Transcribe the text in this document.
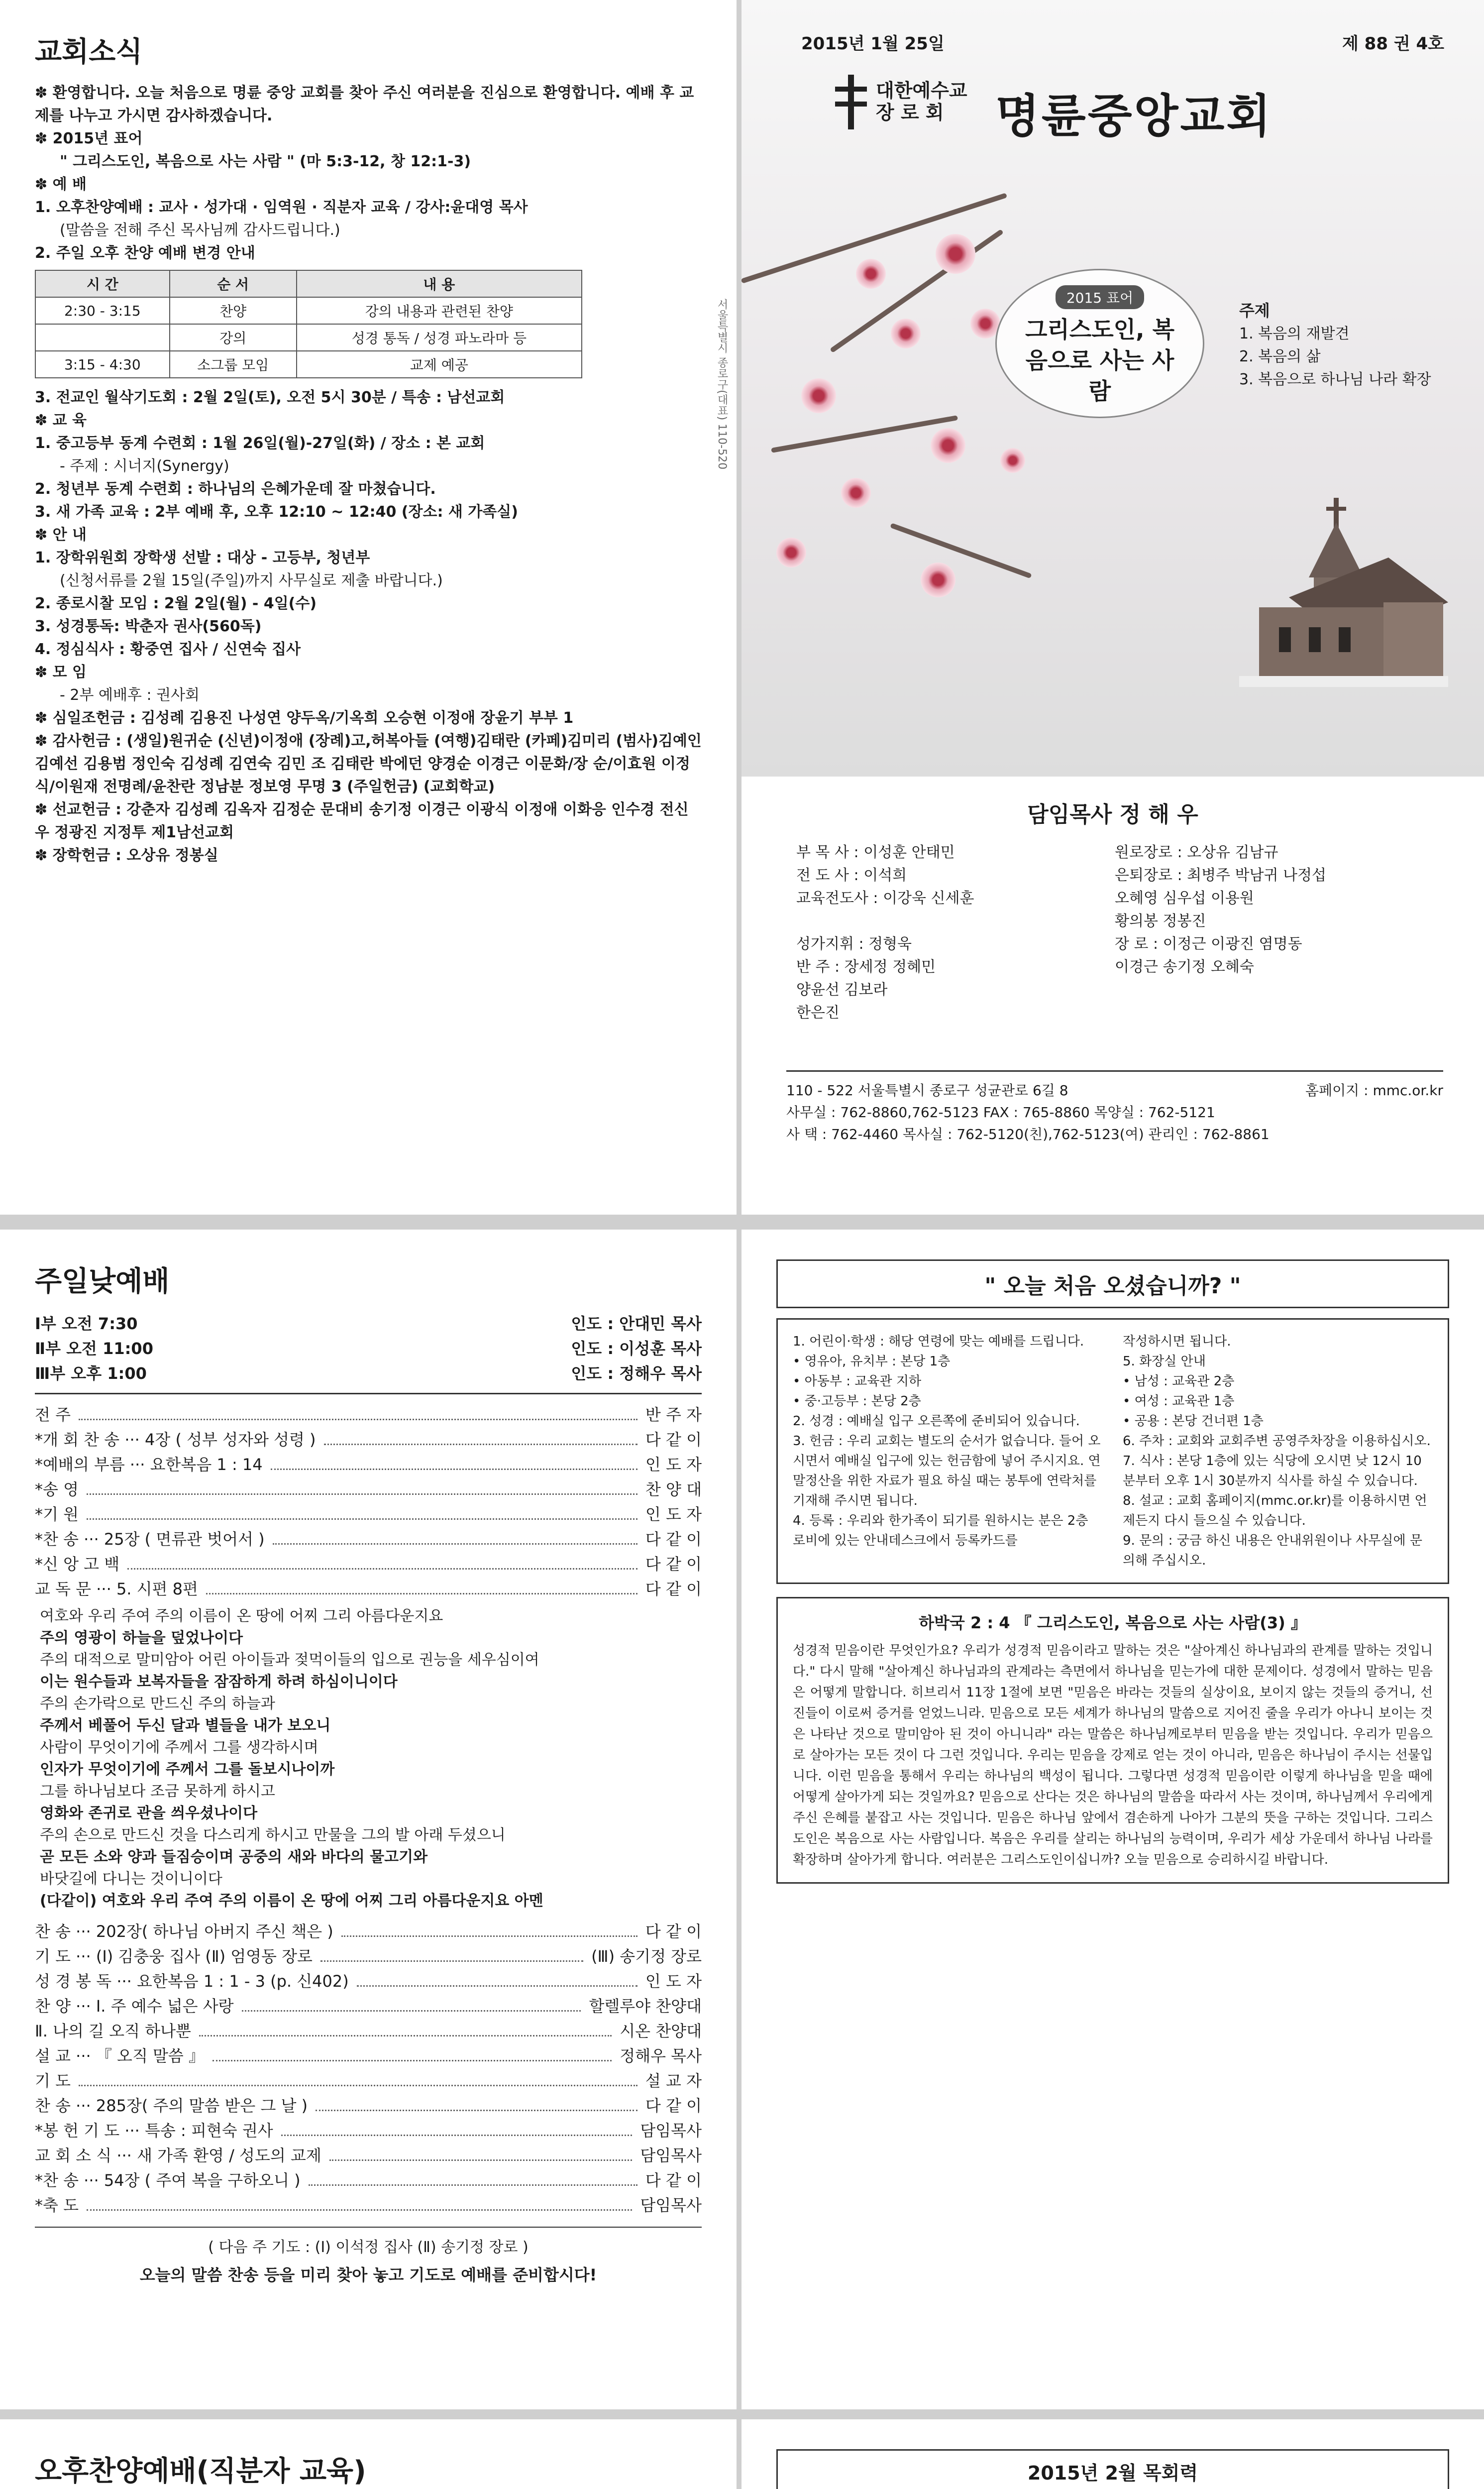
교회소식
✽ 환영합니다. 오늘 처음으로 명륜 중앙 교회를 찾아 주신 여러분을 진심으로 환영합니다. 예배 후 교제를 나누고 가시면 감사하겠습니다.
✽ 2015년 표어
" 그리스도인, 복음으로 사는 사람 " (마 5:3-12, 창 12:1-3)
✽ 예 배
1. 오후찬양예배 : 교사 · 성가대 · 임역원 · 직분자 교육 / 강사:윤대영 목사
(말씀을 전해 주신 목사님께 감사드립니다.)
2. 주일 오후 찬양 예배 변경 안내
시 간	순 서	내 용
2:30 - 3:15	찬양	강의 내용과 관련된 찬양
	강의	성경 통독 / 성경 파노라마 등
3:15 - 4:30	소그룹 모임	교제 예공
3. 전교인 월삭기도회 : 2월 2일(토), 오전 5시 30분 / 특송 : 남선교회
✽ 교 육
1. 중고등부 동계 수련회 : 1월 26일(월)-27일(화) / 장소 : 본 교회
- 주제 : 시너지(Synergy)
2. 청년부 동계 수련회 : 하나님의 은혜가운데 잘 마쳤습니다.
3. 새 가족 교육 : 2부 예배 후, 오후 12:10 ~ 12:40 (장소: 새 가족실)
✽ 안 내
1. 장학위원회 장학생 선발 : 대상 - 고등부, 청년부
(신청서류를 2월 15일(주일)까지 사무실로 제출 바랍니다.)
2. 종로시찰 모임 : 2월 2일(월) - 4일(수)
3. 성경통독: 박춘자 권사(560독)
4. 정심식사 : 황중연 집사 / 신연숙 집사
✽ 모 임
- 2부 예배후 : 권사회
✽ 심일조헌금 : 김성례 김용진 나성연 양두옥/기옥희 오승현 이정애 장윤기 부부 1
✽ 감사헌금 : (생일)원귀순 (신년)이정애 (장례)고,허복아들 (여행)김태란 (카페)김미리 (범사)김예인 김예선 김용범 정인숙 김성례 김연숙 김민 조 김태란 박에던 양경순 이경근 이문화/장 순/이효원 이정식/이원재 전명례/윤찬란 정남분 정보영 무명 3 (주일헌금) (교회학교)
✽ 선교헌금 : 강춘자 김성례 김옥자 김정순 문대비 송기정 이경근 이광식 이정애 이화응 인수경 전신우 정광진 지정투 제1남선교회
✽ 장학헌금 : 오상유 정봉실
서울특별시 종로구(대표) 110-520
2015년 1월 25일	제 88 권 4호
대한예수교
장 로 회	명륜중앙교회
2015 표어
그리스도인, 복음으로 사는 사람
주제
1. 복음의 재발견
2. 복음의 삶
3. 복음으로 하나님 나라 확장
담임목사 정 해 우
부 목 사 : 이성훈 안태민	원로장로 : 오상유 김남규
전 도 사 : 이석희	은퇴장로 : 최병주 박남귀 나정섭
교육전도사 : 이강욱 신세훈	오혜영 심우섭 이용원
황의봉 정봉진
성가지휘 : 정형욱	장 로 : 이정근 이광진 염명동
반 주 : 장세정 정혜민	이경근 송기정 오혜숙
양윤선 김보라
한은진
110 - 522 서울특별시 종로구 성균관로 6길 8	홈페이지 : mmc.or.kr
사무실 : 762-8860,762-5123 FAX : 765-8860 목양실 : 762-5121
사 택 : 762-4460 목사실 : 762-5120(친),762-5123(여) 관리인 : 762-8861
주일낮예배
Ⅰ부 오전 7:30	인도 : 안대민 목사
Ⅱ부 오전 11:00	인도 : 이성훈 목사
Ⅲ부 오후 1:00	인도 : 정해우 목사
전 주	반 주 자
*개 회 찬 송 ··· 4장 ( 성부 성자와 성령 )	다 같 이
*예배의 부름 ··· 요한복음 1 : 14	인 도 자
*송 영	찬 양 대
*기 원	인 도 자
*찬 송 ··· 25장 ( 면류관 벗어서 )	다 같 이
*신 앙 고 백	다 같 이
교 독 문 ··· 5. 시편 8편	다 같 이
여호와 우리 주여 주의 이름이 온 땅에 어찌 그리 아름다운지요
주의 영광이 하늘을 덮었나이다
주의 대적으로 말미암아 어린 아이들과 젖먹이들의 입으로 권능을 세우심이여
이는 원수들과 보복자들을 잠잠하게 하려 하심이니이다
주의 손가락으로 만드신 주의 하늘과
주께서 베풀어 두신 달과 별들을 내가 보오니
사람이 무엇이기에 주께서 그를 생각하시며
인자가 무엇이기에 주께서 그를 돌보시나이까
그를 하나님보다 조금 못하게 하시고
영화와 존귀로 관을 씌우셨나이다
주의 손으로 만드신 것을 다스리게 하시고 만물을 그의 발 아래 두셨으니
곧 모든 소와 양과 들짐승이며 공중의 새와 바다의 물고기와
바닷길에 다니는 것이니이다
(다같이) 여호와 우리 주여 주의 이름이 온 땅에 어찌 그리 아름다운지요 아멘
찬 송 ··· 202장( 하나님 아버지 주신 책은 )	다 같 이
기 도 ··· (Ⅰ) 김충웅 집사 (Ⅱ) 엄영동 장로	(Ⅲ) 송기정 장로
성 경 봉 독 ··· 요한복음 1 : 1 - 3 (p. 신402)	인 도 자
찬 양 ··· Ⅰ. 주 예수 넓은 사랑	할렐루야 찬양대
Ⅱ. 나의 길 오직 하나뿐	시온 찬양대
설 교 ··· 『 오직 말씀 』	정해우 목사
기 도	설 교 자
찬 송 ··· 285장( 주의 말씀 받은 그 날 )	다 같 이
*봉 헌 기 도 ··· 특송 : 피현숙 권사	담임목사
교 회 소 식 ··· 새 가족 환영 / 성도의 교제	담임목사
*찬 송 ··· 54장 ( 주여 복을 구하오니 )	다 같 이
*축 도	담임목사
( 다음 주 기도 : (Ⅰ) 이석정 집사 (Ⅱ) 송기정 장로 )
오늘의 말씀 찬송 등을 미리 찾아 놓고 기도로 예배를 준비합시다!
" 오늘 처음 오셨습니까? "
1. 어린이·학생 : 해당 연령에 맞는 예배를 드립니다.
• 영유아, 유치부 : 본당 1층
• 아동부 : 교육관 지하
• 중·고등부 : 본당 2층
2. 성경 : 예배실 입구 오른쪽에 준비되어 있습니다.
3. 헌금 : 우리 교회는 별도의 순서가 없습니다. 들어 오시면서 예배실 입구에 있는 헌금함에 넣어 주시지요. 연말정산을 위한 자료가 필요 하실 때는 봉투에 연락처를 기재해 주시면 됩니다.
4. 등록 : 우리와 한가족이 되기를 원하시는 분은 2층 로비에 있는 안내데스크에서 등록카드를
작성하시면 됩니다.
5. 화장실 안내
• 남성 : 교육관 2층
• 여성 : 교육관 1층
• 공용 : 본당 건너편 1층
6. 주차 : 교회와 교회주변 공영주차장을 이용하십시오.
7. 식사 : 본당 1층에 있는 식당에 오시면 낮 12시 10분부터 오후 1시 30분까지 식사를 하실 수 있습니다.
8. 설교 : 교회 홈페이지(mmc.or.kr)를 이용하시면 언제든지 다시 들으실 수 있습니다.
9. 문의 : 궁금 하신 내용은 안내위원이나 사무실에 문의해 주십시오.
하박국 2 : 4 『 그리스도인, 복음으로 사는 사람(3) 』
성경적 믿음이란 무엇인가요? 우리가 성경적 믿음이라고 말하는 것은 "살아계신 하나님과의 관계를 말하는 것입니다." 다시 말해 "살아계신 하나님과의 관계라는 측면에서 하나님을 믿는가에 대한 문제이다. 성경에서 말하는 믿음은 어떻게 말합니다. 히브리서 11장 1절에 보면 "믿음은 바라는 것들의 실상이요, 보이지 않는 것들의 증거니, 선진들이 이로써 증거를 얻었느니라. 믿음으로 모든 세계가 하나님의 말씀으로 지어진 줄을 우리가 아나니 보이는 것은 나타난 것으로 말미암아 된 것이 아니니라" 라는 말씀은 하나님께로부터 믿음을 받는 것입니다. 우리가 믿음으로 살아가는 모든 것이 다 그런 것입니다. 우리는 믿음을 강제로 얻는 것이 아니라, 믿음은 하나님이 주시는 선물입니다. 이런 믿음을 통해서 우리는 하나님의 백성이 됩니다. 그렇다면 성경적 믿음이란 이렇게 하나님을 믿을 때에 어떻게 살아가게 되는 것일까요? 믿음으로 산다는 것은 하나님의 말씀을 따라서 사는 것이며, 하나님께서 우리에게 주신 은혜를 붙잡고 사는 것입니다. 믿음은 하나님 앞에서 겸손하게 나아가 그분의 뜻을 구하는 것입니다. 그리스도인은 복음으로 사는 사람입니다. 복음은 우리를 살리는 하나님의 능력이며, 우리가 세상 가운데서 하나님 나라를 확장하며 살아가게 합니다. 여러분은 그리스도인이십니까? 오늘 믿음으로 승리하시길 바랍니다.
오후찬양예배(직분자 교육)

							2015년 2월 목회력
